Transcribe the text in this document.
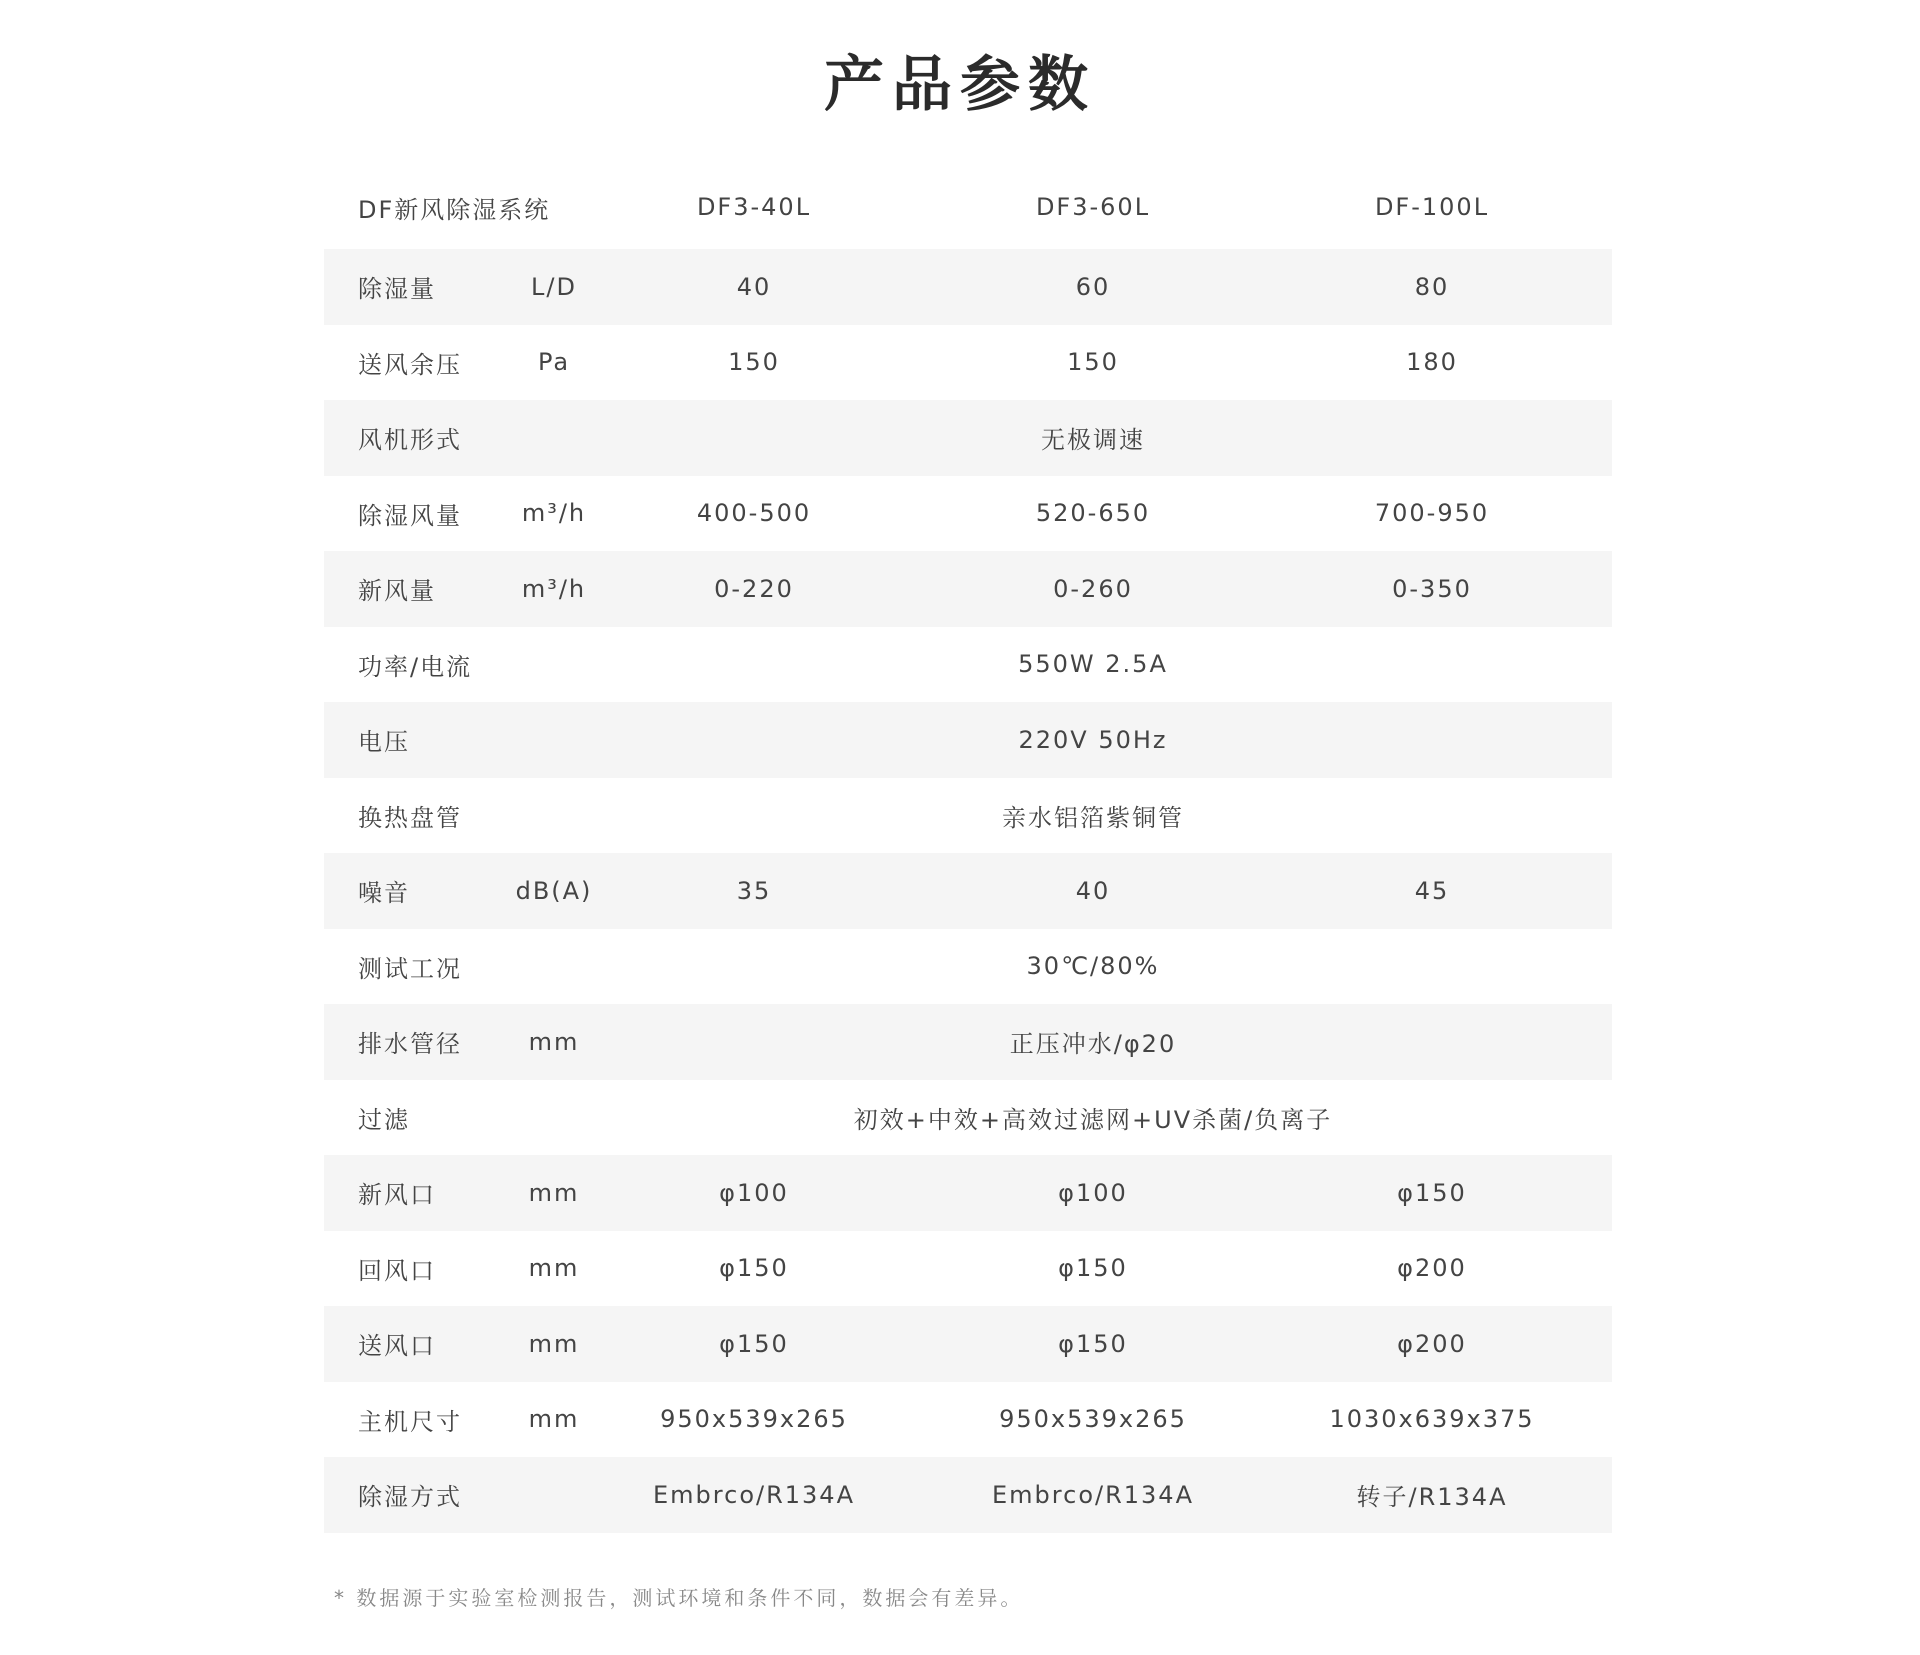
产品参数
DF新风除湿系统	DF3-40L	DF3-60L	DF-100L
除湿量	L/D	40	60	80
送风余压	Pa	150	150	180
风机形式	无极调速
除湿风量	m³/h	400-500	520-650	700-950
新风量	m³/h	0-220	0-260	0-350
功率/电流	550W 2.5A
电压	220V 50Hz
换热盘管	亲水铝箔紫铜管
噪音	dB(A)	35	40	45
测试工况	30℃/80%
排水管径	mm	正压冲水/φ20
过滤	初效+中效+高效过滤网+UV杀菌/负离子
新风口	mm	φ100	φ100	φ150
回风口	mm	φ150	φ150	φ200
送风口	mm	φ150	φ150	φ200
主机尺寸	mm	950x539x265	950x539x265	1030x639x375
除湿方式	Embrco/R134A	Embrco/R134A	转子/R134A
* 数据源于实验室检测报告，测试环境和条件不同，数据会有差异。
